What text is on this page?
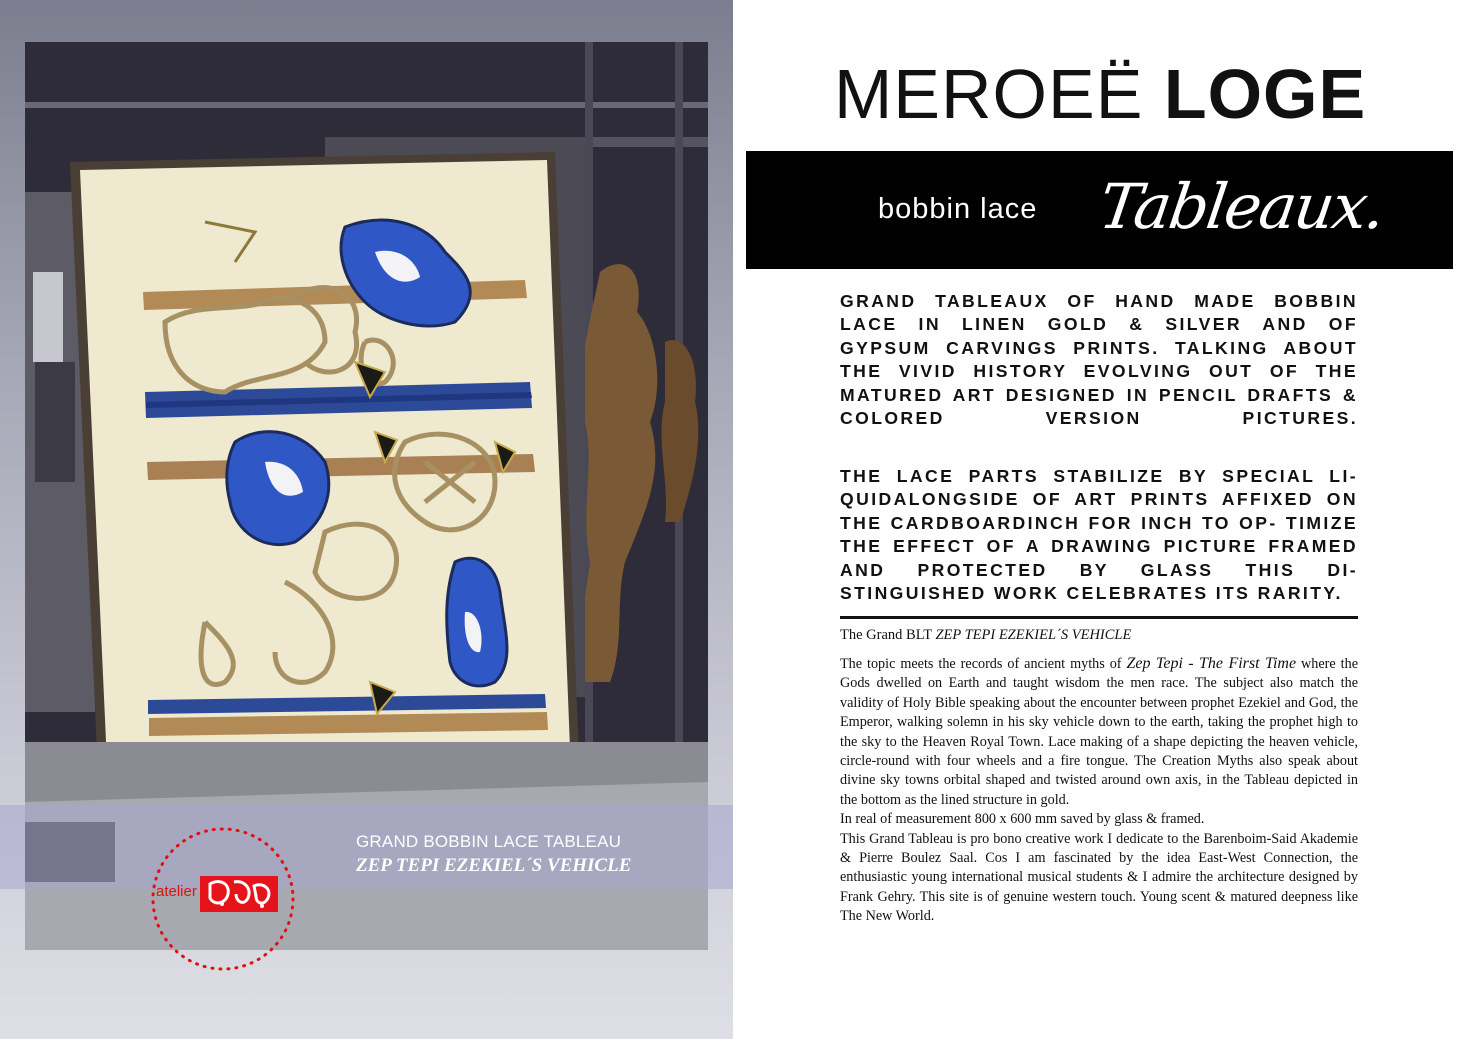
GRAND BOBBIN LACE TABLEAU
ZEP TEPI EZEKIEL´S VEHICLE
atelier
MEROEË LOGE
bobbin lace Tableaux.
GRAND TABLEAUX OF HAND MADE BOBBIN LACE IN LINEN GOLD & SILVER AND OF GYPSUM CARVINGS PRINTS. TALKING ABOUT THE VIVID HISTORY EVOLVING OUT OF THE MATURED ART DESIGNED IN PENCIL DRAFTS & COLORED VERSION PICTURES.
THE LACE PARTS STABILIZE BY SPECIAL LI- QUIDALONGSIDE OF ART PRINTS AFFIXED ON THE CARDBOARDINCH FOR INCH TO OP- TIMIZE THE EFFECT OF A DRAWING PICTURE FRAMED AND PROTECTED BY GLASS THIS DI- STINGUISHED WORK CELEBRATES ITS RARITY.
The Grand BLT ZEP TEPI EZEKIEL´S VEHICLE

The topic meets the records of ancient myths of Zep Tepi - The First Time where the Gods dwelled on Earth and taught wisdom the men race. The subject also match the validity of Holy Bible speaking about the encounter between prophet Ezekiel and God, the Emperor, walking solemn in his sky vehicle down to the earth, taking the prophet high to the sky to the Heaven Royal Town. Lace making of a shape depicting the heaven vehicle, circle-round with four wheels and a fire tongue. The Creation Myths also speak about divine sky towns orbital shaped and twisted around own axis, in the Tableau depicted in the bottom as the lined structure in gold.

In real of measurement 800 x 600 mm saved by glass & framed.

This Grand Tableau is pro bono creative work I dedicate to the Barenboim-Said Akademie & Pierre Boulez Saal. Cos I am fascinated by the idea East-West Connection, the enthusiastic young international musical students & I admire the architecture designed by Frank Gehry. This site is of genuine western touch. Young scent & matured deepness like The New World.
